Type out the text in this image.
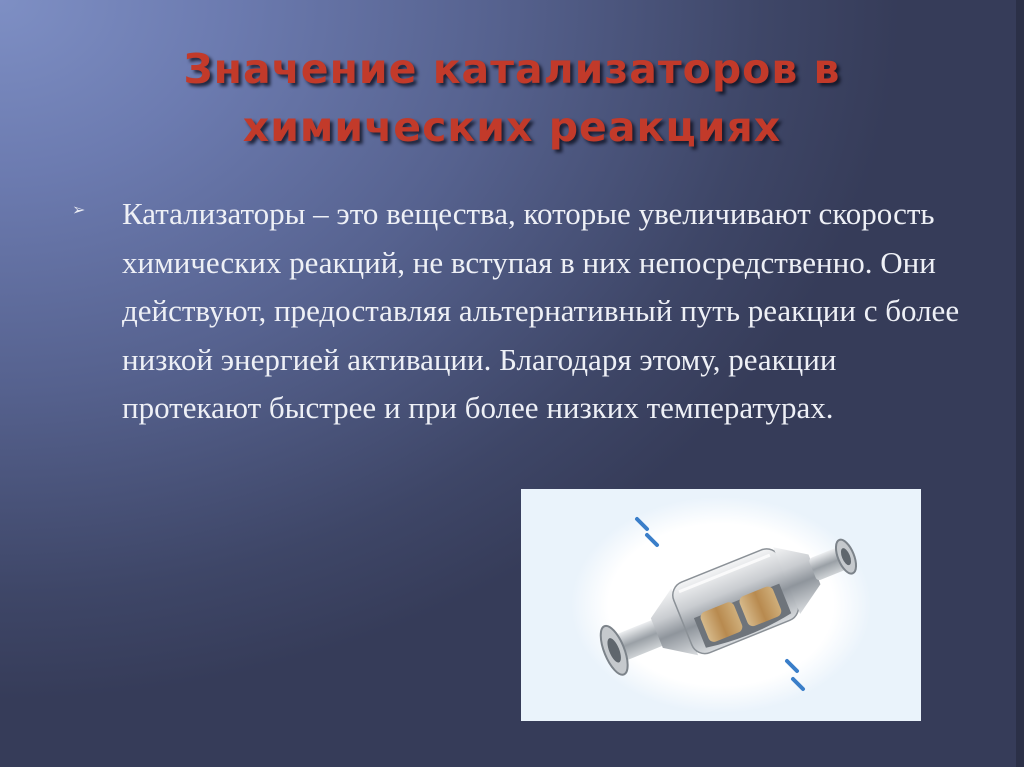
Значение катализаторов в химических реакциях
➢	Катализаторы – это вещества, которые увеличивают скорость химических реакций, не вступая в них непосредственно. Они действуют, предоставляя альтернативный путь реакции с более низкой энергией активации. Благодаря этому, реакции протекают быстрее и при более низких температурах.
